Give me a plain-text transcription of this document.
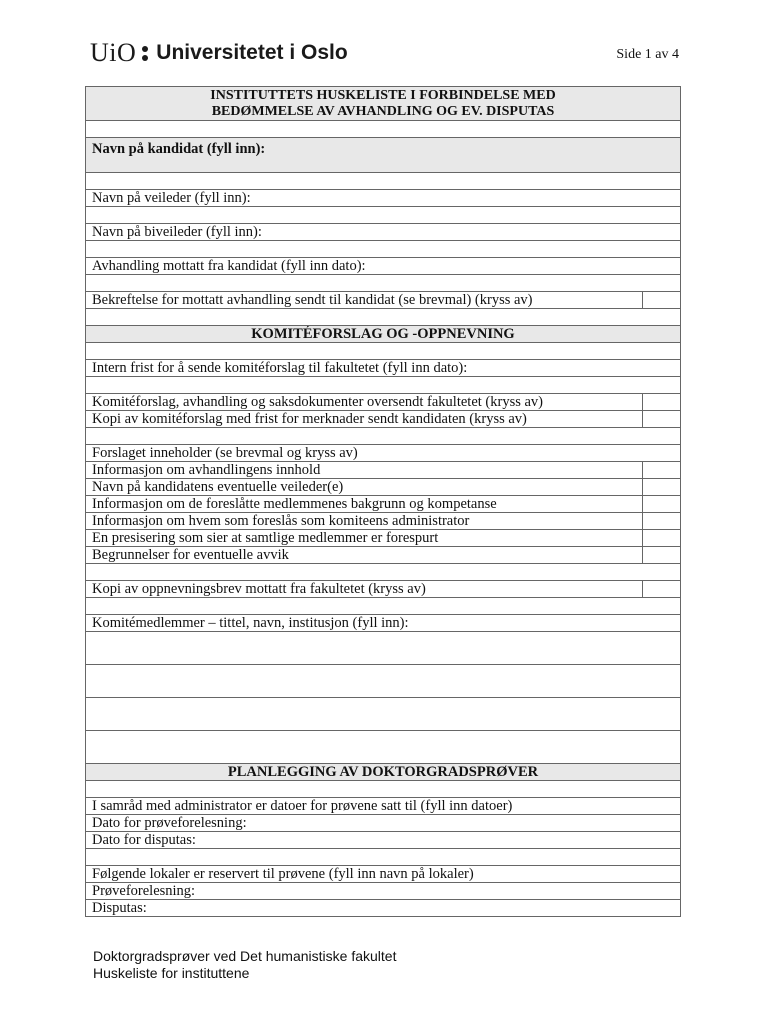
UiO Universitetet i Oslo	Side 1 av 4
INSTITUTTETS HUSKELISTE I FORBINDELSE MED
BEDØMMELSE AV AVHANDLING OG EV. DISPUTAS	

Navn på kandidat (fyll inn):	

Navn på veileder (fyll inn):	

Navn på biveileder (fyll inn):	

Avhandling mottatt fra kandidat (fyll inn dato):	

Bekreftelse for mottatt avhandling sendt til kandidat (se brevmal) (kryss av)	

KOMITÉFORSLAG OG -OPPNEVNING	

Intern frist for å sende komitéforslag til fakultetet (fyll inn dato):	

Komitéforslag, avhandling og saksdokumenter oversendt fakultetet (kryss av)	
Kopi av komitéforslag med frist for merknader sendt kandidaten (kryss av)	

Forslaget inneholder (se brevmal og kryss av)	
Informasjon om avhandlingens innhold	
Navn på kandidatens eventuelle veileder(e)	
Informasjon om de foreslåtte medlemmenes bakgrunn og kompetanse	
Informasjon om hvem som foreslås som komiteens administrator	
En presisering som sier at samtlige medlemmer er forespurt	
Begrunnelser for eventuelle avvik	

Kopi av oppnevningsbrev mottatt fra fakultetet (kryss av)	

Komitémedlemmer – tittel, navn, institusjon (fyll inn):	

PLANLEGGING AV DOKTORGRADSPRØVER	

I samråd med administrator er datoer for prøvene satt til (fyll inn datoer)	
Dato for prøveforelesning:	
Dato for disputas:	

Følgende lokaler er reservert til prøvene (fyll inn navn på lokaler)	
Prøveforelesning:	
Disputas:	
Doktorgradsprøver ved Det humanistiske fakultet
Huskeliste for instituttene
